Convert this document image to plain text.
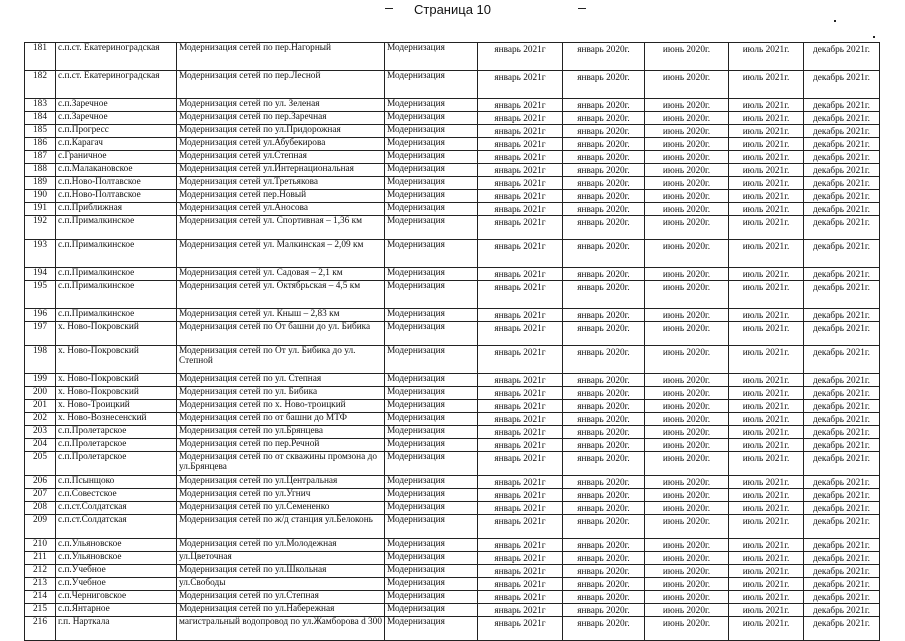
Страница 10
181	с.п.ст. Екатериноградская	Модернизация сетей по пер.Нагорный	Модернизация	январь 2021г	январь 2020г.	июнь 2020г.	июль 2021г.	декабрь 2021г.
182	с.п.ст. Екатериноградская	Модернизация сетей по пер.Лесной	Модернизация	январь 2021г	январь 2020г.	июнь 2020г.	июль 2021г.	декабрь 2021г.
183	с.п.Заречное	Модернизация сетей по ул. Зеленая	Модернизация	январь 2021г	январь 2020г.	июнь 2020г.	июль 2021г.	декабрь 2021г.
184	с.п.Заречное	Модернизация сетей по пер.Заречная	Модернизация	январь 2021г	январь 2020г.	июнь 2020г.	июль 2021г.	декабрь 2021г.
185	с.п.Прогресс	Модернизация сетей по ул.Придорожная	Модернизация	январь 2021г	январь 2020г.	июнь 2020г.	июль 2021г.	декабрь 2021г.
186	с.п.Карагач	Модернизация сетей ул.Абубекирова	Модернизация	январь 2021г	январь 2020г.	июнь 2020г.	июль 2021г.	декабрь 2021г.
187	с.Граничное	Модернизация сетей ул.Степная	Модернизация	январь 2021г	январь 2020г.	июнь 2020г.	июль 2021г.	декабрь 2021г.
188	с.п.Малакановское	Модернизация сетей ул.Интернациональная	Модернизация	январь 2021г	январь 2020г.	июнь 2020г.	июль 2021г.	декабрь 2021г.
189	с.п.Ново-Полтавское	Модернизация сетей ул.Третьякова	Модернизация	январь 2021г	январь 2020г.	июнь 2020г.	июль 2021г.	декабрь 2021г.
190	с.п.Ново-Полтавское	Модернизация сетей пер.Новый	Модернизация	январь 2021г	январь 2020г.	июнь 2020г.	июль 2021г.	декабрь 2021г.
191	с.п.Приближная	Модернизация сетей ул.Аносова	Модернизация	январь 2021г	январь 2020г.	июнь 2020г.	июль 2021г.	декабрь 2021г.
192	с.п.Прималкинское	Модернизация сетей ул. Спортивная – 1,36 км	Модернизация	январь 2021г	январь 2020г.	июнь 2020г.	июль 2021г.	декабрь 2021г.
193	с.п.Прималкинское	Модернизация сетей ул. Малкинская – 2,09 км	Модернизация	январь 2021г	январь 2020г.	июнь 2020г.	июль 2021г.	декабрь 2021г.
194	с.п.Прималкинское	Модернизация сетей ул. Садовая – 2,1 км	Модернизация	январь 2021г	январь 2020г.	июнь 2020г.	июль 2021г.	декабрь 2021г.
195	с.п.Прималкинское	Модернизация сетей ул. Октябрьская – 4,5 км	Модернизация	январь 2021г	январь 2020г.	июнь 2020г.	июль 2021г.	декабрь 2021г.
196	с.п.Прималкинское	Модернизация сетей ул. Кныш – 2,83 км	Модернизация	январь 2021г	январь 2020г.	июнь 2020г.	июль 2021г.	декабрь 2021г.
197	х. Ново-Покровский	Модернизация сетей по От башни до ул. Бибика	Модернизация	январь 2021г	январь 2020г.	июнь 2020г.	июль 2021г.	декабрь 2021г.
198	х. Ново-Покровский	Модернизация сетей по От ул. Бибика до ул. Степной	Модернизация	январь 2021г	январь 2020г.	июнь 2020г.	июль 2021г.	декабрь 2021г.
199	х. Ново-Покровский	Модернизация сетей по ул. Степная	Модернизация	январь 2021г	январь 2020г.	июнь 2020г.	июль 2021г.	декабрь 2021г.
200	х. Ново-Покровский	Модернизация сетей по ул. Бибика	Модернизация	январь 2021г	январь 2020г.	июнь 2020г.	июль 2021г.	декабрь 2021г.
201	х. Ново-Троицкий	Модернизация сетей по х. Ново-троицкий	Модернизация	январь 2021г	январь 2020г.	июнь 2020г.	июль 2021г.	декабрь 2021г.
202	х. Ново-Вознесенский	Модернизация сетей по от башни до МТФ	Модернизация	январь 2021г	январь 2020г.	июнь 2020г.	июль 2021г.	декабрь 2021г.
203	с.п.Пролетарское	Модернизация сетей по ул.Брянцева	Модернизация	январь 2021г	январь 2020г.	июнь 2020г.	июль 2021г.	декабрь 2021г.
204	с.п.Пролетарское	Модернизация сетей по пер.Речной	Модернизация	январь 2021г	январь 2020г.	июнь 2020г.	июль 2021г.	декабрь 2021г.
205	с.п.Пролетарское	Модернизация сетей по от скважины промзона до ул.Брянцева	Модернизация	январь 2021г	январь 2020г.	июнь 2020г.	июль 2021г.	декабрь 2021г.
206	с.п.Псынщоко	Модернизация сетей по ул.Центральная	Модернизация	январь 2021г	январь 2020г.	июнь 2020г.	июль 2021г.	декабрь 2021г.
207	с.п.Совестское	Модернизация сетей по ул.Угнич	Модернизация	январь 2021г	январь 2020г.	июнь 2020г.	июль 2021г.	декабрь 2021г.
208	с.п.ст.Солдатская	Модернизация сетей по ул.Семененко	Модернизация	январь 2021г	январь 2020г.	июнь 2020г.	июль 2021г.	декабрь 2021г.
209	с.п.ст.Солдатская	Модернизация сетей по ж/д станция ул.Белоконь	Модернизация	январь 2021г	январь 2020г.	июнь 2020г.	июль 2021г.	декабрь 2021г.
210	с.п.Ульяновское	Модернизация сетей по ул.Молодежная	Модернизация	январь 2021г	январь 2020г.	июнь 2020г.	июль 2021г.	декабрь 2021г.
211	с.п.Ульяновское	ул.Цветочная	Модернизация	январь 2021г	январь 2020г.	июнь 2020г.	июль 2021г.	декабрь 2021г.
212	с.п.Учебное	Модернизация сетей по ул.Школьная	Модернизация	январь 2021г	январь 2020г.	июнь 2020г.	июль 2021г.	декабрь 2021г.
213	с.п.Учебное	ул.Свободы	Модернизация	январь 2021г	январь 2020г.	июнь 2020г.	июль 2021г.	декабрь 2021г.
214	с.п.Черниговское	Модернизация сетей по ул.Степная	Модернизация	январь 2021г	январь 2020г.	июнь 2020г.	июль 2021г.	декабрь 2021г.
215	с.п.Янтарное	Модернизация сетей по ул.Набережная	Модернизация	январь 2021г	январь 2020г.	июнь 2020г.	июль 2021г.	декабрь 2021г.
216	г.п. Нарткала	магистральный водопровод по ул.Жамборова d 300	Модернизация	январь 2021г	январь 2020г.	июнь 2020г.	июль 2021г.	декабрь 2021г.
